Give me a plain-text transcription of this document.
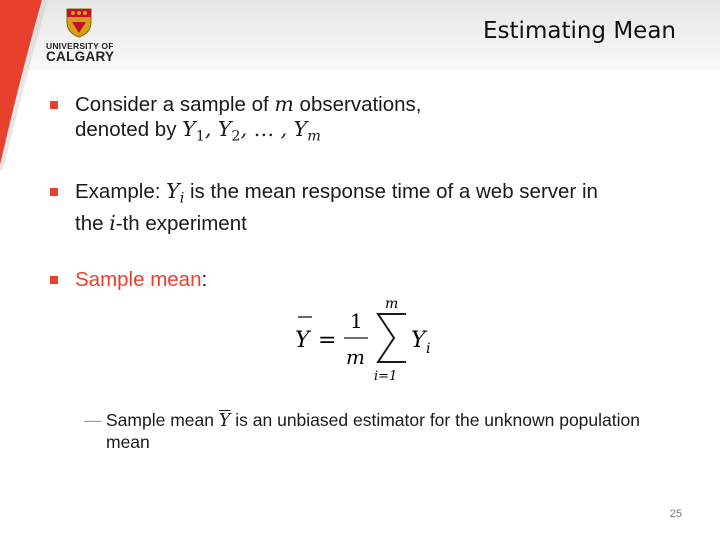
UNIVERSITY OF
CALGARY
Estimating Mean
Consider a sample of m observations,
denoted by $Y_1$, $Y_2$, … , $Y_m$
Example: $Y_i$ is the mean response time of a web server in
the i-th experiment
Sample mean:
Y =
1
m
m
i=1
Y i
— Sample mean $\overline{Y}$ is an unbiased estimator for the unknown population mean
25
